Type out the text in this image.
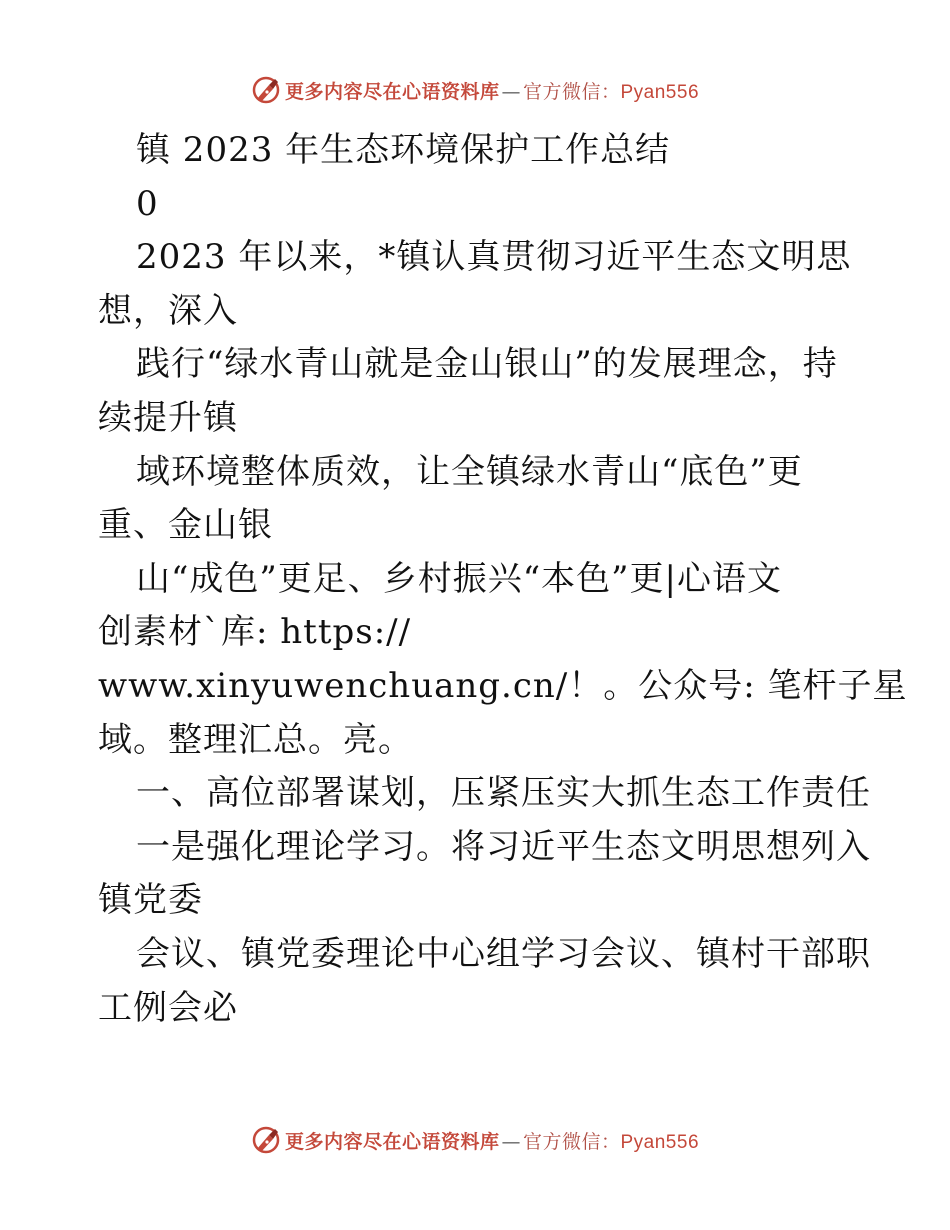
更多内容尽在心语资料库 — 官方微信：Pyan556
镇 2023 年生态环境保护工作总结
0
2023 年以来，*镇认真贯彻习近平生态文明思
想，深入
践行“绿水青山就是金山银山”的发展理念，持
续提升镇
域环境整体质效，让全镇绿水青山“底色”更
重、金山银
山“成色”更足、乡村振兴“本色”更|心语文
创素材`库: https://
www.xinyuwenchuang.cn/！。公众号: 笔杆子星
域。整理汇总。亮。
一、高位部署谋划，压紧压实大抓生态工作责任
一是强化理论学习。将习近平生态文明思想列入
镇党委
会议、镇党委理论中心组学习会议、镇村干部职
工例会必
更多内容尽在心语资料库 — 官方微信：Pyan556
